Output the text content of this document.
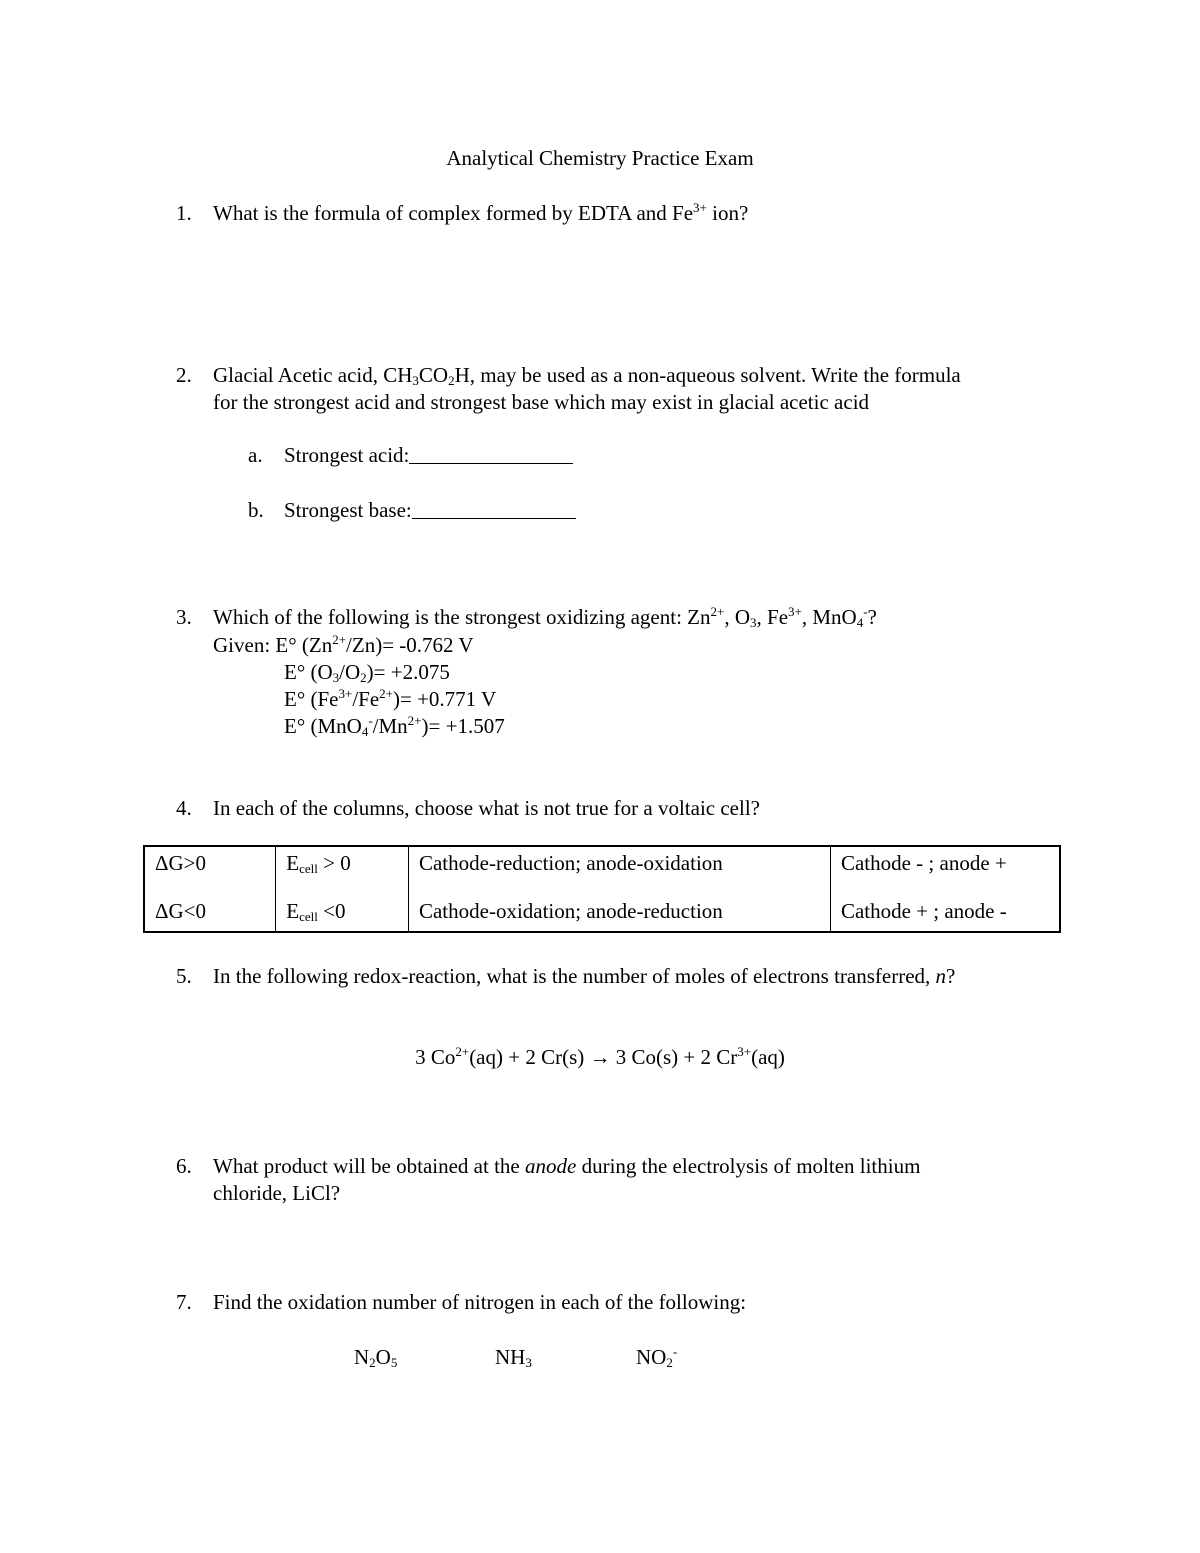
Analytical Chemistry Practice Exam
1. What is the formula of complex formed by EDTA and $Fe^{3+}$ ion?
2. Glacial Acetic acid, $CH_3CO_2H$, may be used as a non-aqueous solvent. Write the formula
for the strongest acid and strongest base which may exist in glacial acetic acid
a. Strongest acid:
b. Strongest base:
3. Which of the following is the strongest oxidizing agent: $Zn^{2+}$, $O_3$, $Fe^{3+}$, MnO$_4$-?
Given: E° $(Zn^{2+}/Zn)= -0.762$ V
E° $(O_3/O_2)= +2.075$
E° $(Fe^{3+}/Fe^{2+})= +0.771$ V
E° $(MnO_4^-/Mn^{2+})= +1.507$
4. In each of the columns, choose what is not true for a voltaic cell?
ΔG>0	$E_{cell} > 0$	Cathode-reduction; anode-oxidation	Cathode - ; anode +
ΔG<0	$E_{cell} <0$	Cathode-oxidation; anode-reduction	Cathode + ; anode -
5. In the following redox-reaction, what is the number of moles of electrons transferred, n?
3 $Co^{2+}(aq) + 2$ Cr(s) → 3 Co(s) + 2 $Cr^{3+}(aq)$
6. What product will be obtained at the anode during the electrolysis of molten lithium
chloride, LiCl?
7. Find the oxidation number of nitrogen in each of the following:
$N_2O_5$	$NH_3$	$NO_2^-$
